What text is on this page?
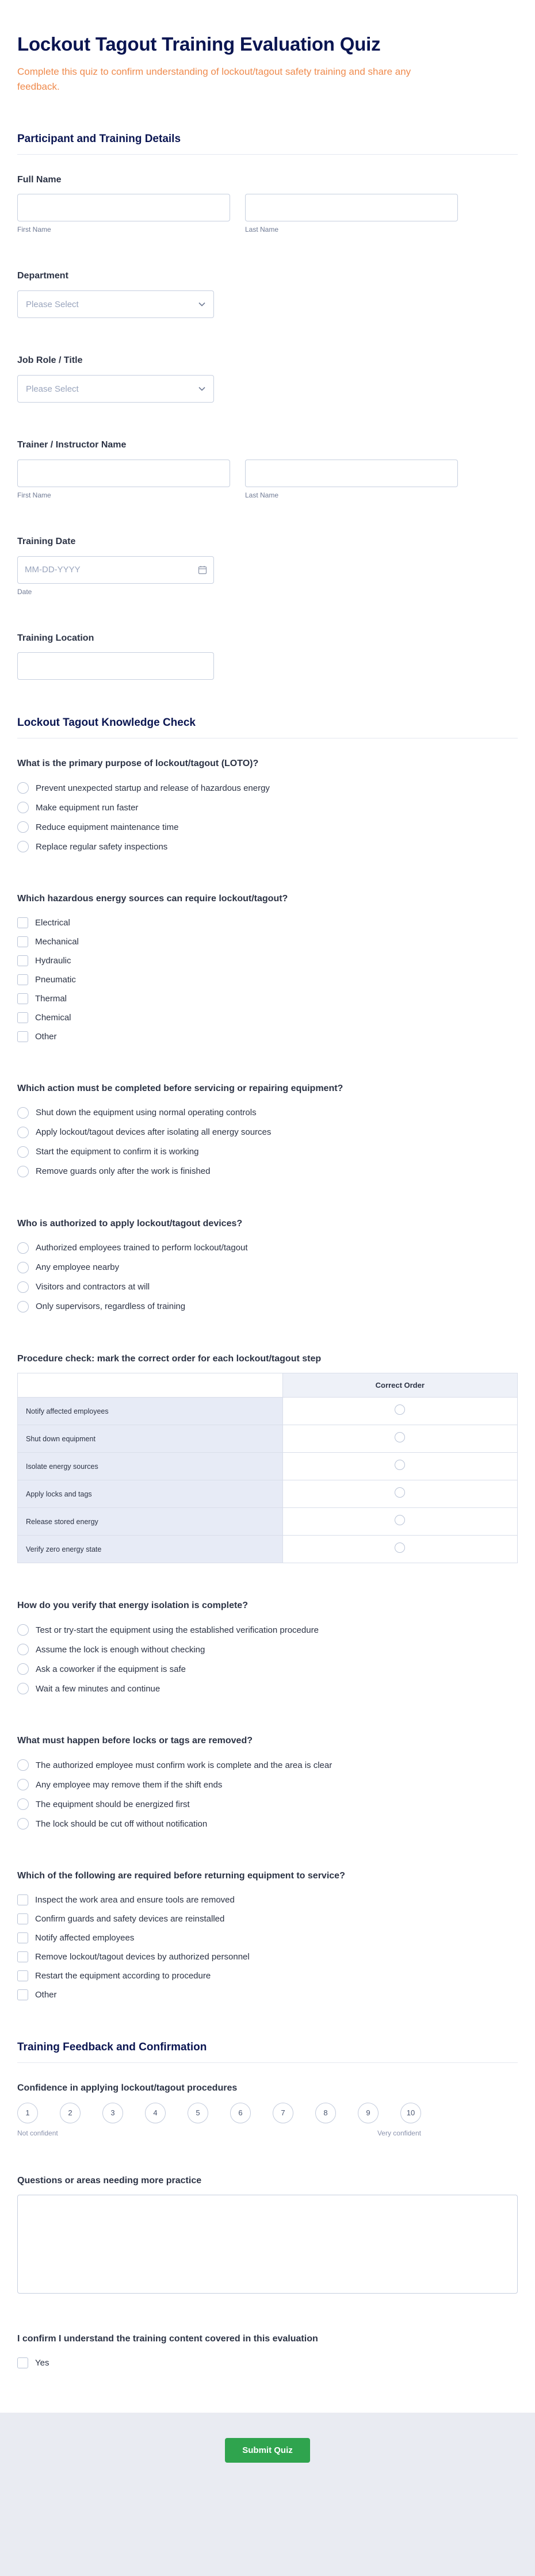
Lockout Tagout Training Evaluation Quiz

Complete this quiz to confirm understanding of lockout/tagout safety training and share any feedback.

Participant and Training Details
Full Name
First Name	Last Name
Department
Please Select
Job Role / Title
Please Select
Trainer / Instructor Name
First Name	Last Name
Training Date
MM-DD-YYYY
Date
Training Location
Lockout Tagout Knowledge Check
What is the primary purpose of lockout/tagout (LOTO)?
Prevent unexpected startup and release of hazardous energy
Make equipment run faster
Reduce equipment maintenance time
Replace regular safety inspections
Which hazardous energy sources can require lockout/tagout?
Electrical
Mechanical
Hydraulic
Pneumatic
Thermal
Chemical
Other
Which action must be completed before servicing or repairing equipment?
Shut down the equipment using normal operating controls
Apply lockout/tagout devices after isolating all energy sources
Start the equipment to confirm it is working
Remove guards only after the work is finished
Who is authorized to apply lockout/tagout devices?
Authorized employees trained to perform lockout/tagout
Any employee nearby
Visitors and contractors at will
Only supervisors, regardless of training
Procedure check: mark the correct order for each lockout/tagout step
	Correct Order
Notify affected employees	
Shut down equipment	
Isolate energy sources	
Apply locks and tags	
Release stored energy	
Verify zero energy state	
How do you verify that energy isolation is complete?
Test or try-start the equipment using the established verification procedure
Assume the lock is enough without checking
Ask a coworker if the equipment is safe
Wait a few minutes and continue
What must happen before locks or tags are removed?
The authorized employee must confirm work is complete and the area is clear
Any employee may remove them if the shift ends
The equipment should be energized first
The lock should be cut off without notification
Which of the following are required before returning equipment to service?
Inspect the work area and ensure tools are removed
Confirm guards and safety devices are reinstalled
Notify affected employees
Remove lockout/tagout devices by authorized personnel
Restart the equipment according to procedure
Other
Training Feedback and Confirmation
Confidence in applying lockout/tagout procedures
1	2	3	4	5	6	7	8	9	10
Not confident	Very confident
Questions or areas needing more practice
I confirm I understand the training content covered in this evaluation
Yes
Submit Quiz
